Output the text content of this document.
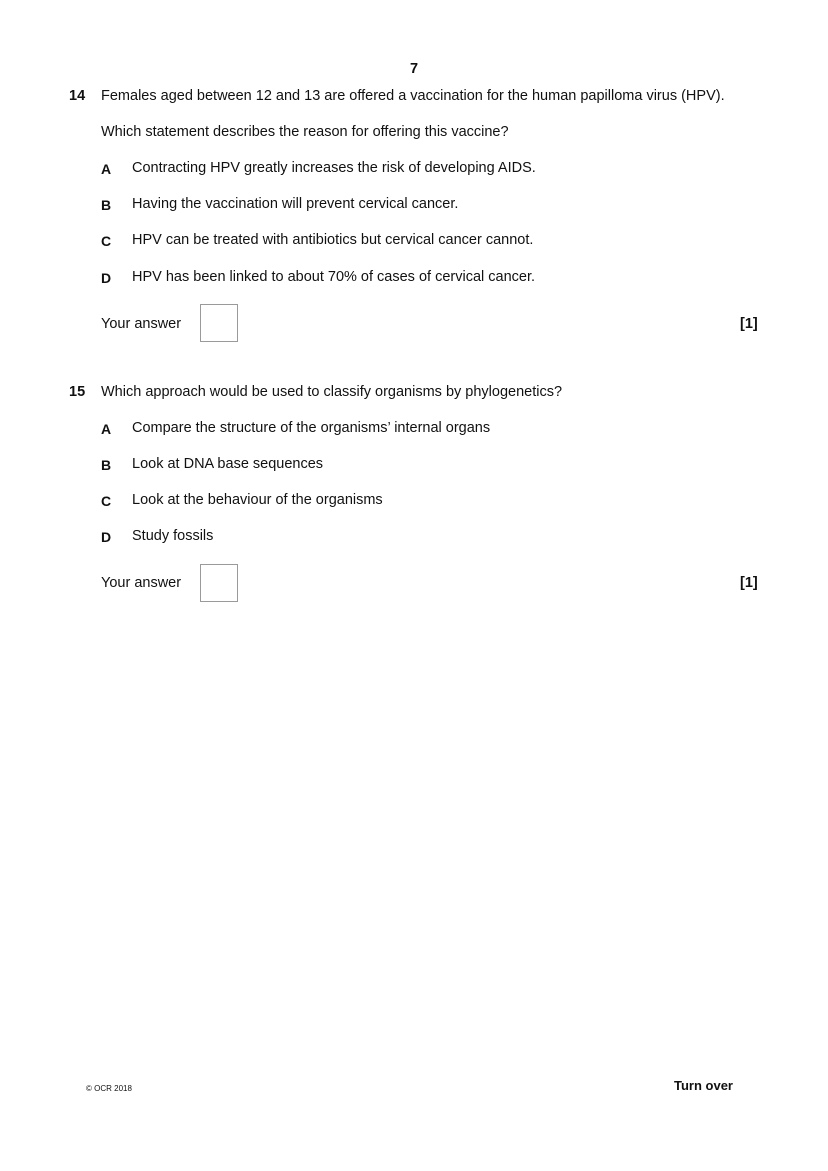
7
14 Females aged between 12 and 13 are offered a vaccination for the human papilloma virus (HPV).
Which statement describes the reason for offering this vaccine?
A Contracting HPV greatly increases the risk of developing AIDS.
B Having the vaccination will prevent cervical cancer.
C HPV can be treated with antibiotics but cervical cancer cannot.
D HPV has been linked to about 70% of cases of cervical cancer.
Your answer	[1]
15 Which approach would be used to classify organisms by phylogenetics?
A Compare the structure of the organisms’ internal organs
B Look at DNA base sequences
C Look at the behaviour of the organisms
D Study fossils
Your answer	[1]
© OCR 2018	Turn over
